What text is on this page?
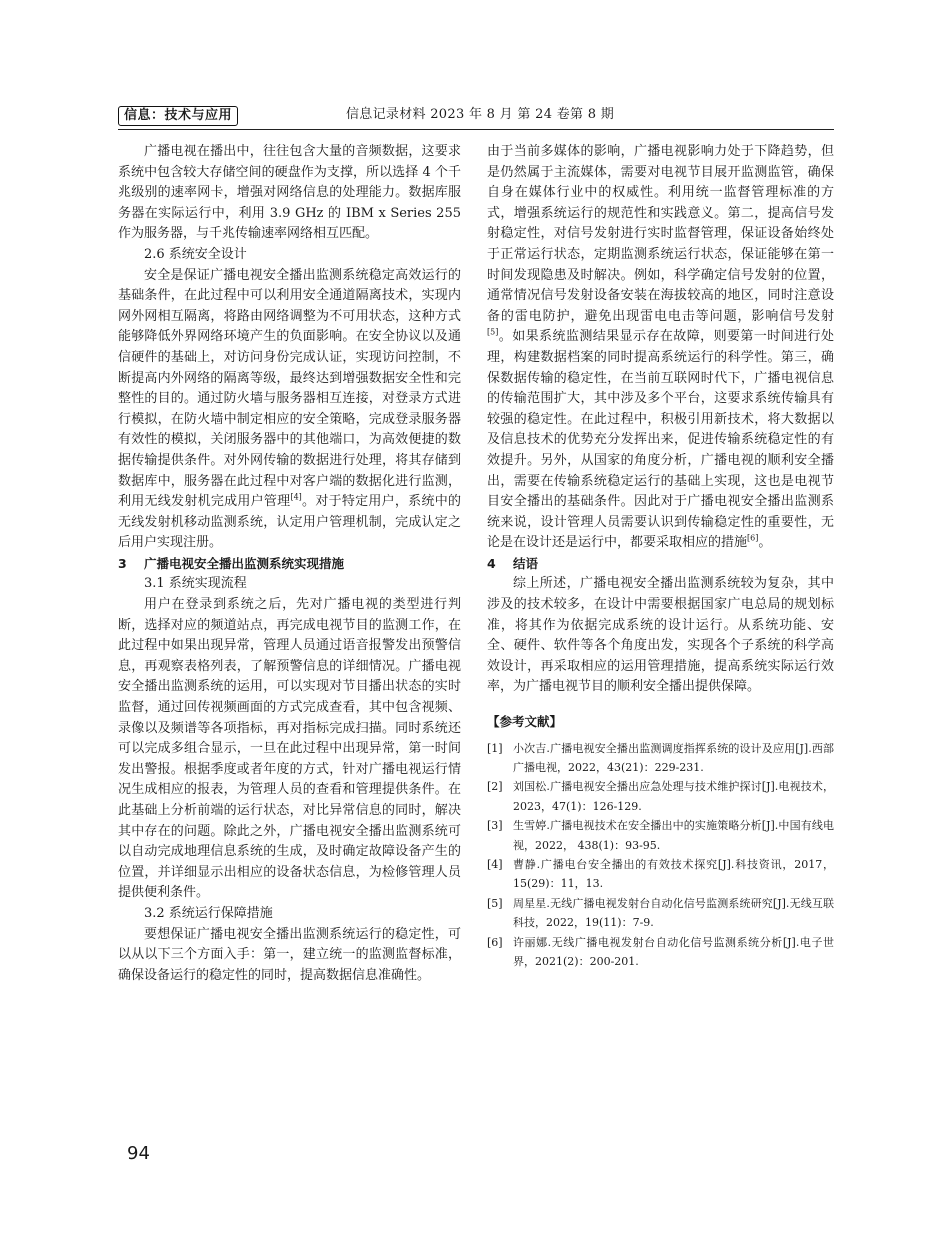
信息：技术与应用	信息记录材料 2023 年 8 月 第 24 卷第 8 期

广播电视在播出中，往往包含大量的音频数据，这要求系统中包含较大存储空间的硬盘作为支撑，所以选择 4 个千兆级别的速率网卡，增强对网络信息的处理能力。数据库服务器在实际运行中，利用 3.9 GHz 的 IBM x Series 255 作为服务器，与千兆传输速率网络相互匹配。

2.6 系统安全设计

安全是保证广播电视安全播出监测系统稳定高效运行的基础条件，在此过程中可以利用安全通道隔离技术，实现内网外网相互隔离，将路由网络调整为不可用状态，这种方式能够降低外界网络环境产生的负面影响。在安全协议以及通信硬件的基础上，对访问身份完成认证，实现访问控制，不断提高内外网络的隔离等级，最终达到增强数据安全性和完整性的目的。通过防火墙与服务器相互连接，对登录方式进行模拟，在防火墙中制定相应的安全策略，完成登录服务器有效性的模拟，关闭服务器中的其他端口，为高效便捷的数据传输提供条件。对外网传输的数据进行处理，将其存储到数据库中，服务器在此过程中对客户端的数据化进行监测，利用无线发射机完成用户管理[4]。对于特定用户，系统中的无线发射机移动监测系统，认定用户管理机制，完成认定之后用户实现注册。

3 广播电视安全播出监测系统实现措施

3.1 系统实现流程

用户在登录到系统之后，先对广播电视的类型进行判断，选择对应的频道站点，再完成电视节目的监测工作，在此过程中如果出现异常，管理人员通过语音报警发出预警信息，再观察表格列表，了解预警信息的详细情况。广播电视安全播出监测系统的运用，可以实现对节目播出状态的实时监督，通过回传视频画面的方式完成查看，其中包含视频、录像以及频谱等各项指标，再对指标完成扫描。同时系统还可以完成多组合显示，一旦在此过程中出现异常，第一时间发出警报。根据季度或者年度的方式，针对广播电视运行情况生成相应的报表，为管理人员的查看和管理提供条件。在此基础上分析前端的运行状态，对比异常信息的同时，解决其中存在的问题。除此之外，广播电视安全播出监测系统可以自动完成地理信息系统的生成，及时确定故障设备产生的位置，并详细显示出相应的设备状态信息，为检修管理人员提供便利条件。

3.2 系统运行保障措施

要想保证广播电视安全播出监测系统运行的稳定性，可以从以下三个方面入手：第一，建立统一的监测监督标准，确保设备运行的稳定性的同时，提高数据信息准确性。

由于当前多媒体的影响，广播电视影响力处于下降趋势，但是仍然属于主流媒体，需要对电视节目展开监测监管，确保自身在媒体行业中的权威性。利用统一监督管理标准的方式，增强系统运行的规范性和实践意义。第二，提高信号发射稳定性，对信号发射进行实时监督管理，保证设备始终处于正常运行状态，定期监测系统运行状态，保证能够在第一时间发现隐患及时解决。例如，科学确定信号发射的位置，通常情况信号发射设备安装在海拔较高的地区，同时注意设备的雷电防护，避免出现雷电电击等问题，影响信号发射[5]。如果系统监测结果显示存在故障，则要第一时间进行处理，构建数据档案的同时提高系统运行的科学性。第三，确保数据传输的稳定性，在当前互联网时代下，广播电视信息的传输范围扩大，其中涉及多个平台，这要求系统传输具有较强的稳定性。在此过程中，积极引用新技术，将大数据以及信息技术的优势充分发挥出来，促进传输系统稳定性的有效提升。另外，从国家的角度分析，广播电视的顺利安全播出，需要在传输系统稳定运行的基础上实现，这也是电视节目安全播出的基础条件。因此对于广播电视安全播出监测系统来说，设计管理人员需要认识到传输稳定性的重要性，无论是在设计还是运行中，都要采取相应的措施[6]。

4 结语

综上所述，广播电视安全播出监测系统较为复杂，其中涉及的技术较多，在设计中需要根据国家广电总局的规划标准，将其作为依据完成系统的设计运行。从系统功能、安全、硬件、软件等各个角度出发，实现各个子系统的科学高效设计，再采取相应的运用管理措施，提高系统实际运行效率，为广播电视节目的顺利安全播出提供保障。

【参考文献】
[1] 小次吉.广播电视安全播出监测调度指挥系统的设计及应用[J].西部广播电视，2022，43(21)：229-231.
[2] 刘国松.广播电视安全播出应急处理与技术维护探讨[J].电视技术，2023，47(1)：126-129.
[3] 生雪婷.广播电视技术在安全播出中的实施策略分析[J].中国有线电视，2022， 438(1)：93-95.
[4] 曹静.广播电台安全播出的有效技术探究[J].科技资讯，2017，15(29)：11，13.
[5] 周星星.无线广播电视发射台自动化信号监测系统研究[J].无线互联科技，2022，19(11)：7-9.
[6] 许丽娜.无线广播电视发射台自动化信号监测系统分析[J].电子世界，2021(2)：200-201.
94
